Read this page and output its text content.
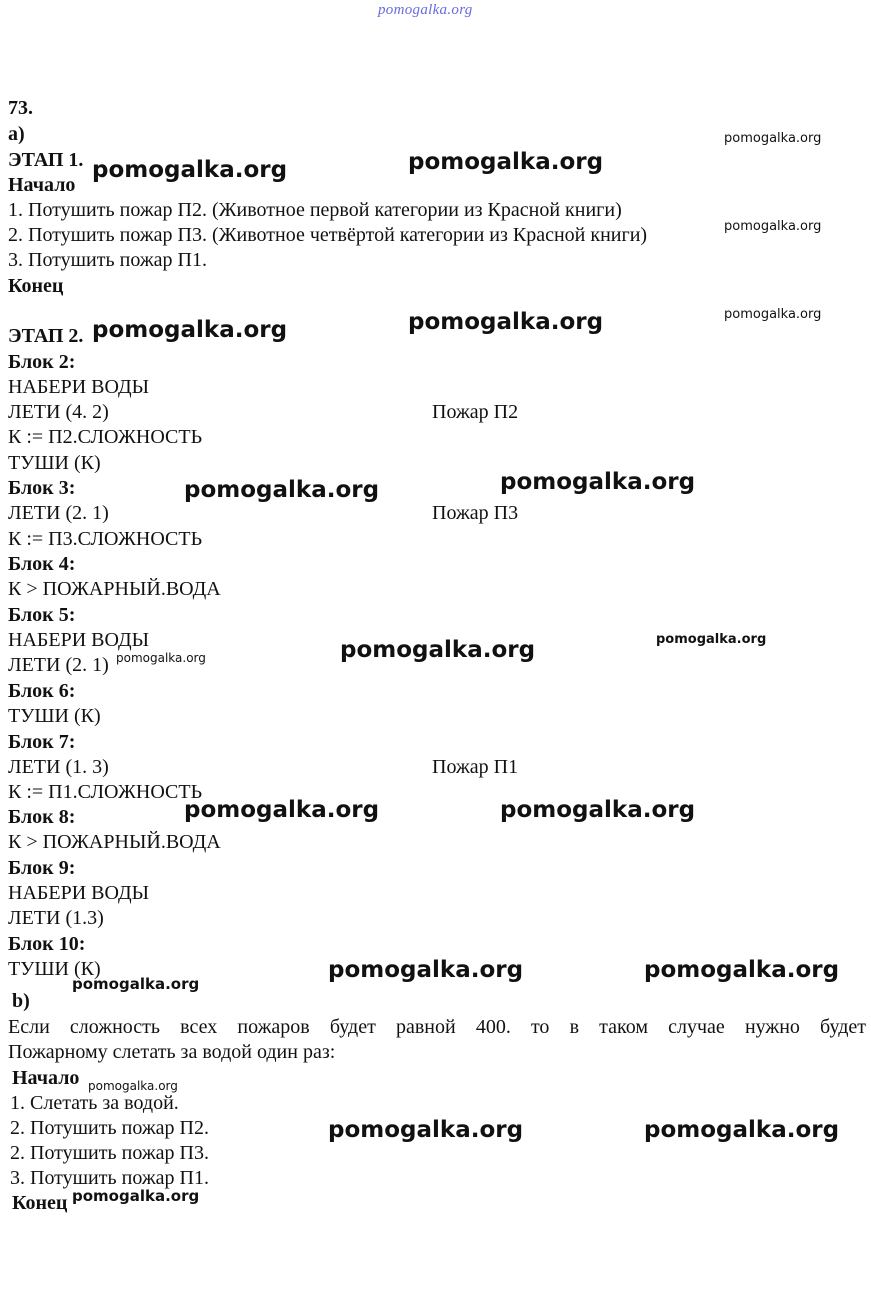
pomogalka.org
73.
а)
ЭТАП 1.
Начало
1. Потушить пожар П2. (Животное первой категории из Красной книги)
2. Потушить пожар П3. (Животное четвёртой категории из Красной книги)
3. Потушить пожар П1.
Конец
ЭТАП 2.
Блок 2:
НАБЕРИ ВОДЫ
ЛЕТИ (4. 2)	Пожар П2
К := П2.СЛОЖНОСТЬ
ТУШИ (К)
Блок 3:
ЛЕТИ (2. 1)	Пожар П3
К := П3.СЛОЖНОСТЬ
Блок 4:
К > ПОЖАРНЫЙ.ВОДА
Блок 5:
НАБЕРИ ВОДЫ
ЛЕТИ (2. 1)
Блок 6:
ТУШИ (К)
Блок 7:
ЛЕТИ (1. 3)	Пожар П1
К := П1.СЛОЖНОСТЬ
Блок 8:
К > ПОЖАРНЫЙ.ВОДА
Блок 9:
НАБЕРИ ВОДЫ
ЛЕТИ (1.3)
Блок 10:
ТУШИ (К)
b)
Если сложность всех пожаров будет равной 400. то в таком случае нужно будет
Пожарному слетать за водой один раз:
Начало
1. Слетать за водой.
2. Потушить пожар П2.
2. Потушить пожар П3.
3. Потушить пожар П1.
Конец
pomogalka.org
pomogalka.org	pomogalka.org
pomogalka.org
pomogalka.org
pomogalka.org	pomogalka.org
pomogalka.org	pomogalka.org
pomogalka.org
pomogalka.org	pomogalka.org
pomogalka.org	pomogalka.org
pomogalka.org	pomogalka.org
pomogalka.org
pomogalka.org
pomogalka.org	pomogalka.org
pomogalka.org
